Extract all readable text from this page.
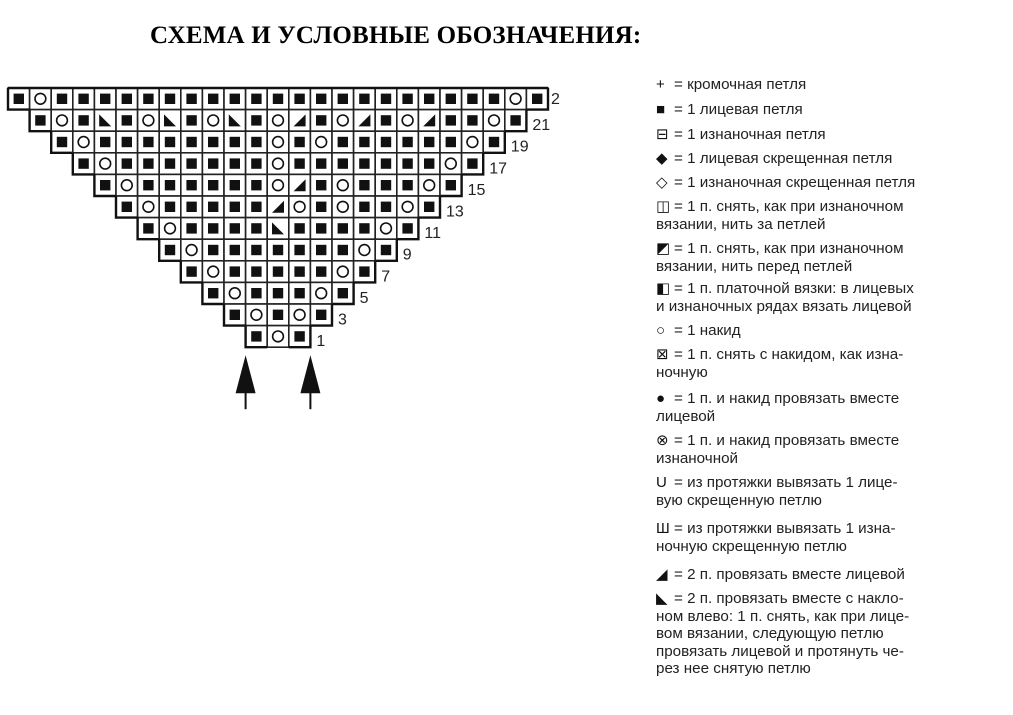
СХЕМА И УСЛОВНЫЕ ОБОЗНАЧЕНИЯ:
1
3
5
7
9
11
13
15
17
19
21
2
+ = кромочная петля
■ = 1 лицевая петля
⊟ = 1 изнаночная петля
◆ = 1 лицевая скрещенная петля
◇ = 1 изнаночная скрещенная петля
◫ = 1 п. снять, как при изнаночном
вязании, нить за петлей
◩ = 1 п. снять, как при изнаночном
вязании, нить перед петлей
◧ = 1 п. платочной вязки: в лицевых
и изнаночных рядах вязать лицевой
○ = 1 накид
⊠ = 1 п. снять с накидом, как изна-
ночную
● = 1 п. и накид провязать вместе
лицевой
⊗ = 1 п. и накид провязать вместе
изнаночной
U = из протяжки вывязать 1 лице-
вую скрещенную петлю
Ш = из протяжки вывязать 1 изна-
ночную скрещенную петлю
◢ = 2 п. провязать вместе лицевой
◣ = 2 п. провязать вместе с накло-
ном влево: 1 п. снять, как при лице-
вом вязании, следующую петлю
провязать лицевой и протянуть че-
рез нее снятую петлю
